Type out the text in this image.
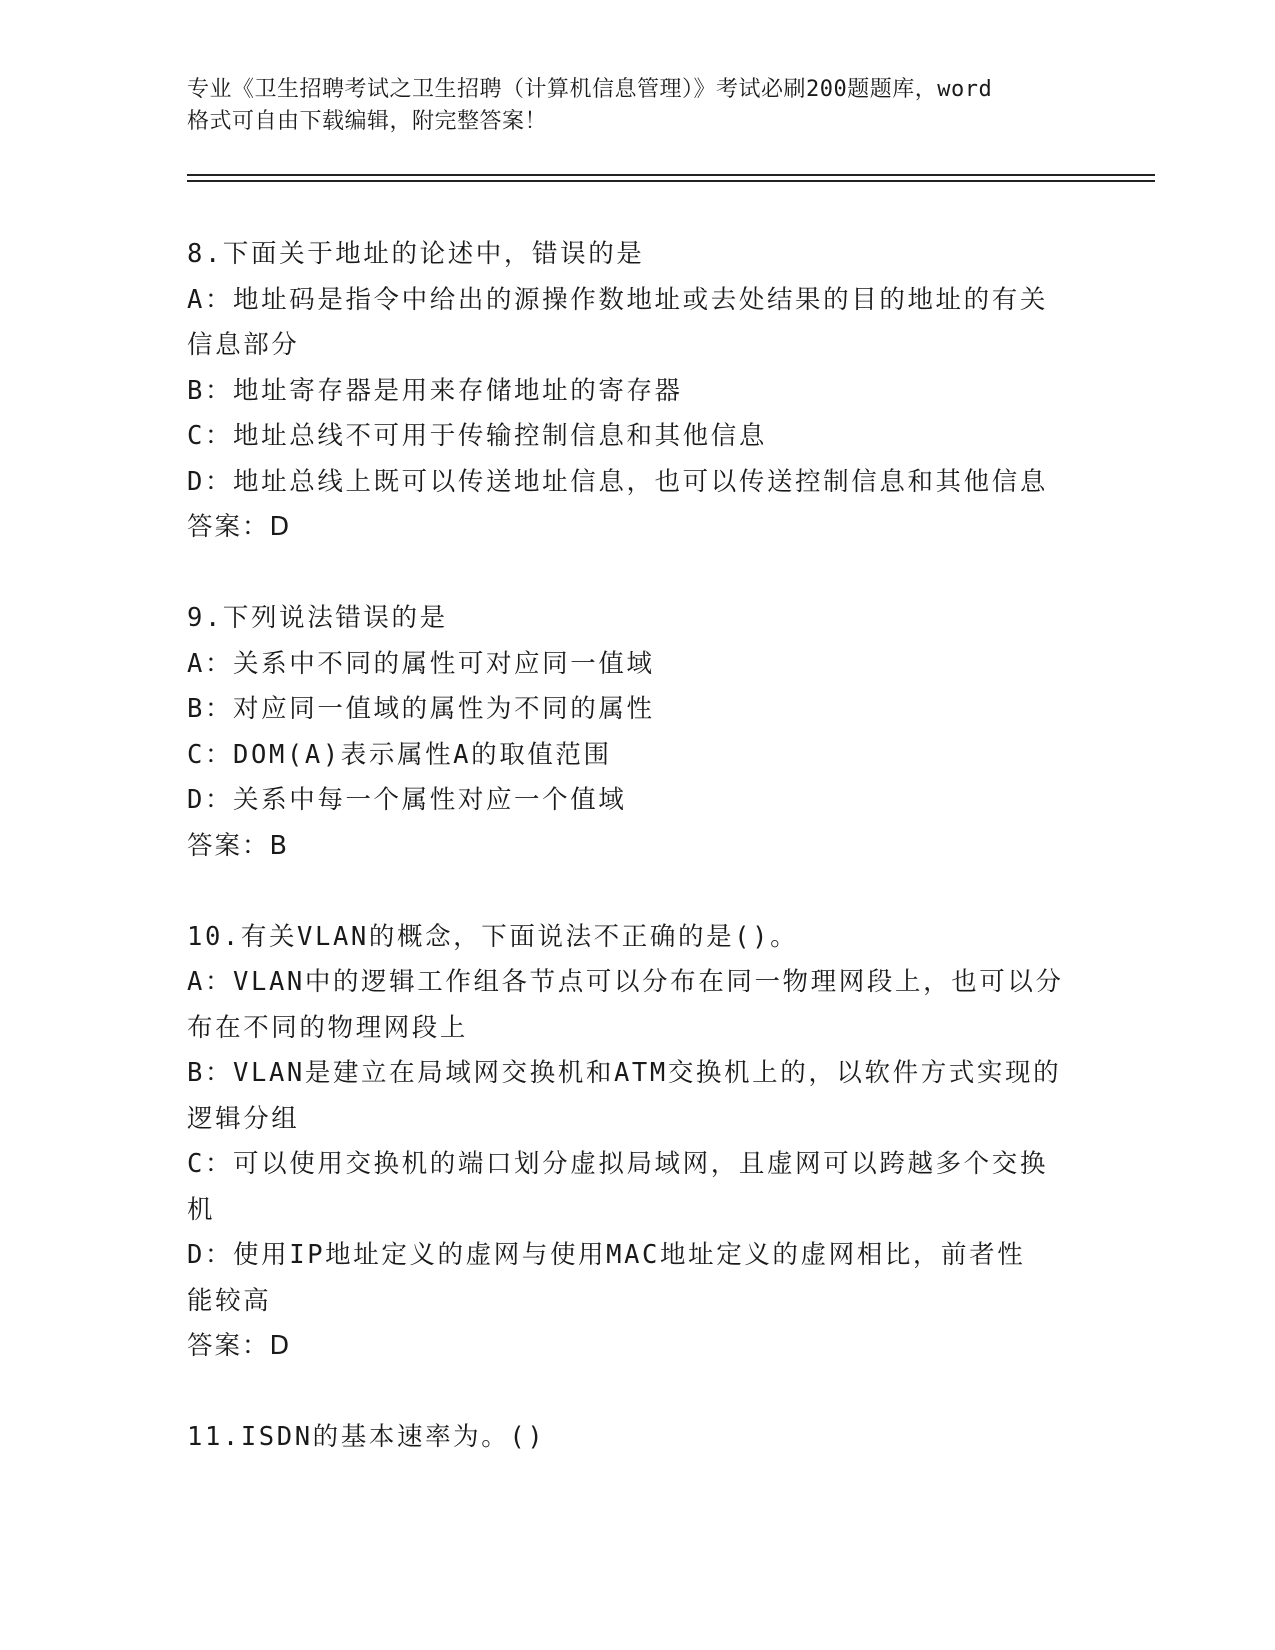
专业《卫生招聘考试之卫生招聘（计算机信息管理）》考试必刷200题题库，word
格式可自由下载编辑，附完整答案！
8.下面关于地址的论述中，错误的是
A：地址码是指令中给出的源操作数地址或去处结果的目的地址的有关
信息部分
B：地址寄存器是用来存储地址的寄存器
C：地址总线不可用于传输控制信息和其他信息
D：地址总线上既可以传送地址信息，也可以传送控制信息和其他信息
答案：D
9.下列说法错误的是
A：关系中不同的属性可对应同一值域
B：对应同一值域的属性为不同的属性
C：DOM(A)表示属性A的取值范围
D：关系中每一个属性对应一个值域
答案：B
10.有关VLAN的概念，下面说法不正确的是()。
A：VLAN中的逻辑工作组各节点可以分布在同一物理网段上，也可以分
布在不同的物理网段上
B：VLAN是建立在局域网交换机和ATM交换机上的，以软件方式实现的
逻辑分组
C：可以使用交换机的端口划分虚拟局域网，且虚网可以跨越多个交换
机
D：使用IP地址定义的虚网与使用MAC地址定义的虚网相比，前者性
能较高
答案：D
11.ISDN的基本速率为。()
